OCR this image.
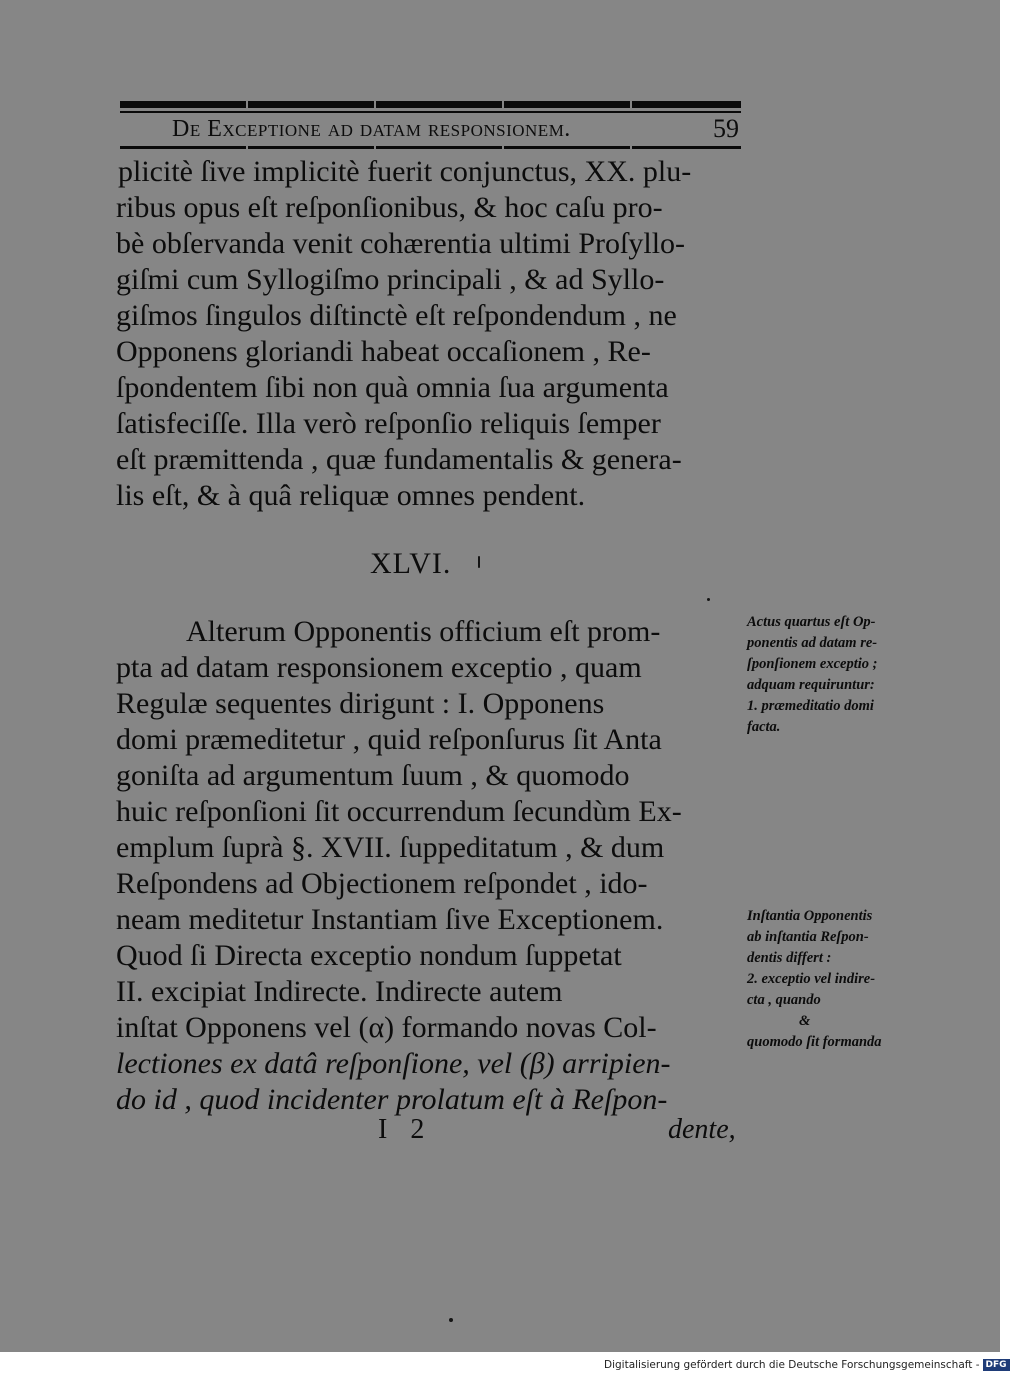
De Exceptione ad datam responsionem.	59
plicitè ſive implicitè fuerit conjunctus, XX. plu-
ribus opus eſt reſponſionibus, & hoc caſu pro-
bè obſervanda venit cohærentia ultimi Proſyllo-
giſmi cum Syllogiſmo principali , & ad Syllo-
giſmos ſingulos diſtinctè eſt reſpondendum , ne
Opponens gloriandi habeat occaſionem , Re-
ſpondentem ſibi non quà omnia ſua argumenta
ſatisfeciſſe. Illa verò reſponſio reliquis ſemper
eſt præmittenda , quæ fundamentalis & genera-
lis eſt, & à quâ reliquæ omnes pendent.
XLVI.
Alterum Opponentis officium eſt prom-
pta ad datam responsionem exceptio , quam
Regulæ sequentes dirigunt : I. Opponens
domi præmeditetur , quid reſponſurus ſit Anta
goniſta ad argumentum ſuum , & quomodo
huic reſponſioni ſit occurrendum ſecundùm Ex-
emplum ſuprà §. XVII. ſuppeditatum , & dum
Reſpondens ad Objectionem reſpondet , ido-
neam meditetur Instantiam ſive Exceptionem.
Quod ſi Directa exceptio nondum ſuppetat
II. excipiat Indirecte. Indirecte autem
inſtat Opponens vel (α) formando novas Col-
lectiones ex datâ reſponſione, vel (β) arripien-
do id , quod incidenter prolatum eſt à Reſpon-
Actus quartus eſt Op-
ponentis ad datam re-
ſponſionem exceptio ;
adquam requiruntur:
1. præmeditatio domi
facta.
Inſtantia Opponentis
ab inſtantia Reſpon-
dentis differt :
2. exceptio vel indire-
cta , quando
&
quomodo ſit formanda
I 2	dente,
Digitalisierung gefördert durch die Deutsche Forschungsgemeinschaft - DFG
